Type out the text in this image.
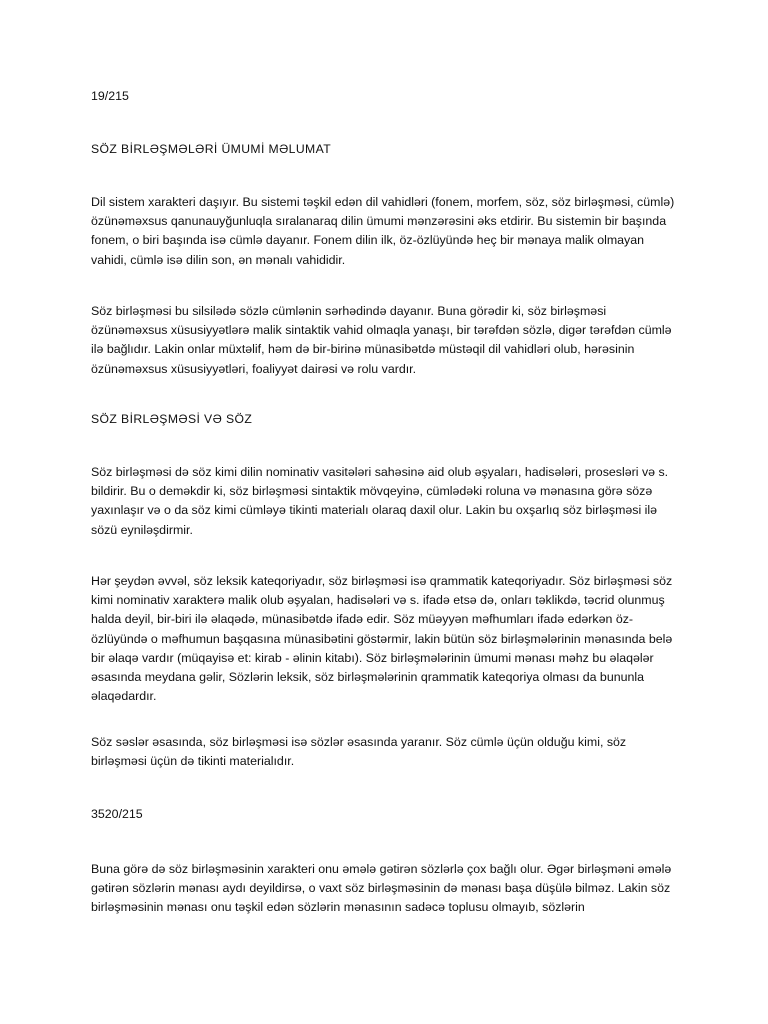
19/215

SÖZ BİRLƏŞMƏLƏRİ ÜMUMİ MƏLUMAT

Dil sistem xarakteri daşıyır. Bu sistemi təşkil edən dil vahidləri (fonem, morfem, söz, söz birləşməsi, cümlə) özünəməxsus qanunauyğunluqla sıralanaraq dilin ümumi mənzərəsini əks etdirir. Bu sistemin bir başında fonem, o biri başında isə cümlə dayanır. Fonem dilin ilk, öz-özlüyündə heç bir mənaya malik olmayan vahidi, cümlə isə dilin son, ən mənalı vahididir.

Söz birləşməsi bu silsilədə sözlə cümlənin sərhədində dayanır. Buna görədir ki, söz birləşməsi özünəməxsus xüsusiyyətlərə malik sintaktik vahid olmaqla yanaşı, bir tərəfdən sözlə, digər tərəfdən cümlə ilə bağlıdır. Lakin onlar müxtəlif, həm də bir-birinə münasibətdə müstəqil dil vahidləri olub, hərəsinin özünəməxsus xüsusiyyətləri, foaliyyət dairəsi və rolu vardır.

SÖZ BİRLƏŞMƏSİ VƏ SÖZ

Söz birləşməsi də söz kimi dilin nominativ vasitələri sahəsinə aid olub əşyaları, hadisələri, prosesləri və s. bildirir. Bu o deməkdir ki, söz birləşməsi sintaktik mövqeyinə, cümlədəki roluna və mənasına görə sözə yaxınlaşır və o da söz kimi cümləyə tikinti materialı olaraq daxil olur. Lakin bu oxşarlıq söz birləşməsi ilə sözü eyniləşdirmir.

Hər şeydən əvvəl, söz leksik kateqoriyadır, söz birləşməsi isə qrammatik kateqoriyadır. Söz birləşməsi söz kimi nominativ xarakterə malik olub əşyalan, hadisələri və s. ifadə etsə də, onları təklikdə, təcrid olunmuş halda deyil, bir-biri ilə əlaqədə, münasibətdə ifadə edir. Söz müəyyən məfhumları ifadə edərkən öz-özlüyündə o məfhumun başqasına münasibətini göstərmir, lakin bütün söz birləşmələrinin mənasında belə bir əlaqə vardır (müqayisə et: kirab - əlinin kitabı). Söz birləşmələrinin ümumi mənası məhz bu əlaqələr əsasında meydana gəlir, Sözlərin leksik, söz birləşmələrinin qrammatik kateqoriya olması da bununla əlaqədardır.

Söz səslər əsasında, söz birləşməsi isə sözlər əsasında yaranır. Söz cümlə üçün olduğu kimi, söz birləşməsi üçün də tikinti materialıdır.

3520/215

Buna görə də söz birləşməsinin xarakteri onu əmələ gətirən sözlərlə çox bağlı olur. Əgər birləşməni əmələ gətirən sözlərin mənası aydı deyildirsə, o vaxt söz birləşməsinin də mənası başa düşülə bilməz. Lakin söz birləşməsinin mənası onu təşkil edən sözlərin mənasının sadəcə toplusu olmayıb, sözlərin
